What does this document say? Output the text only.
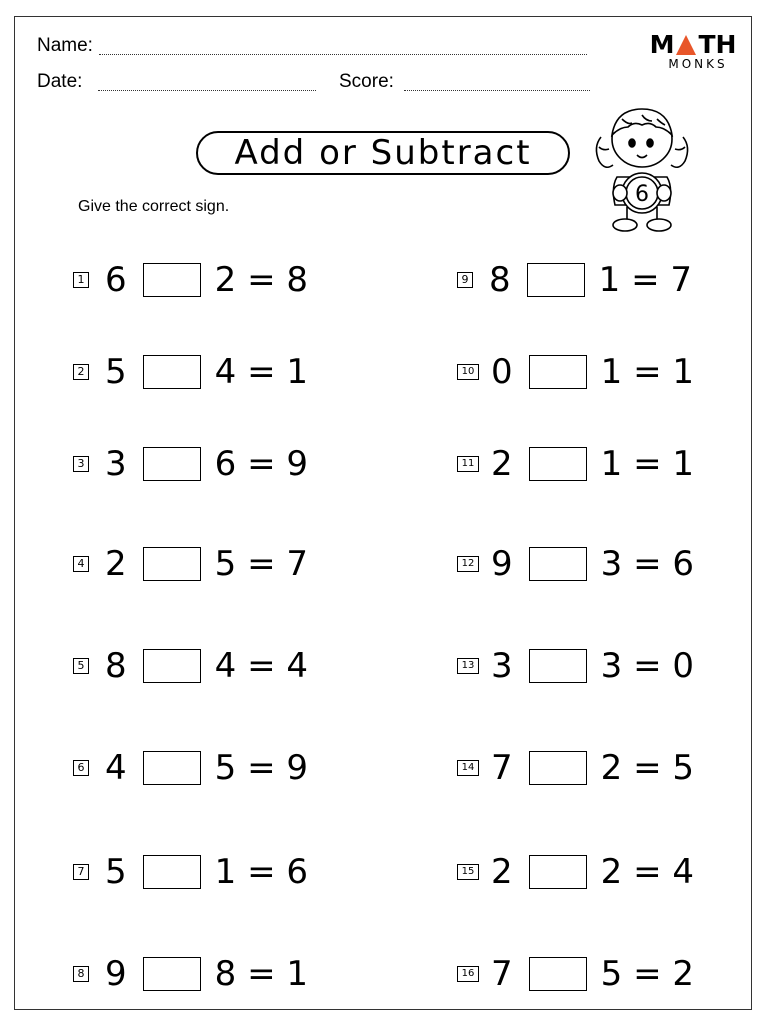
Name:
Date:	Score:
M TH
MONKS
Add or Subtract
6
Give the correct sign.
1 6	2 = 8
2 5	4 = 1
3 3	6 = 9
4 2	5 = 7
5 8	4 = 4
6 4	5 = 9
7 5	1 = 6
8 9	8 = 1
9 8	1 = 7
10 0	1 = 1
11 2	1 = 1
12 9	3 = 6
13 3	3 = 0
14 7	2 = 5
15 2	2 = 4
16 7	5 = 2
